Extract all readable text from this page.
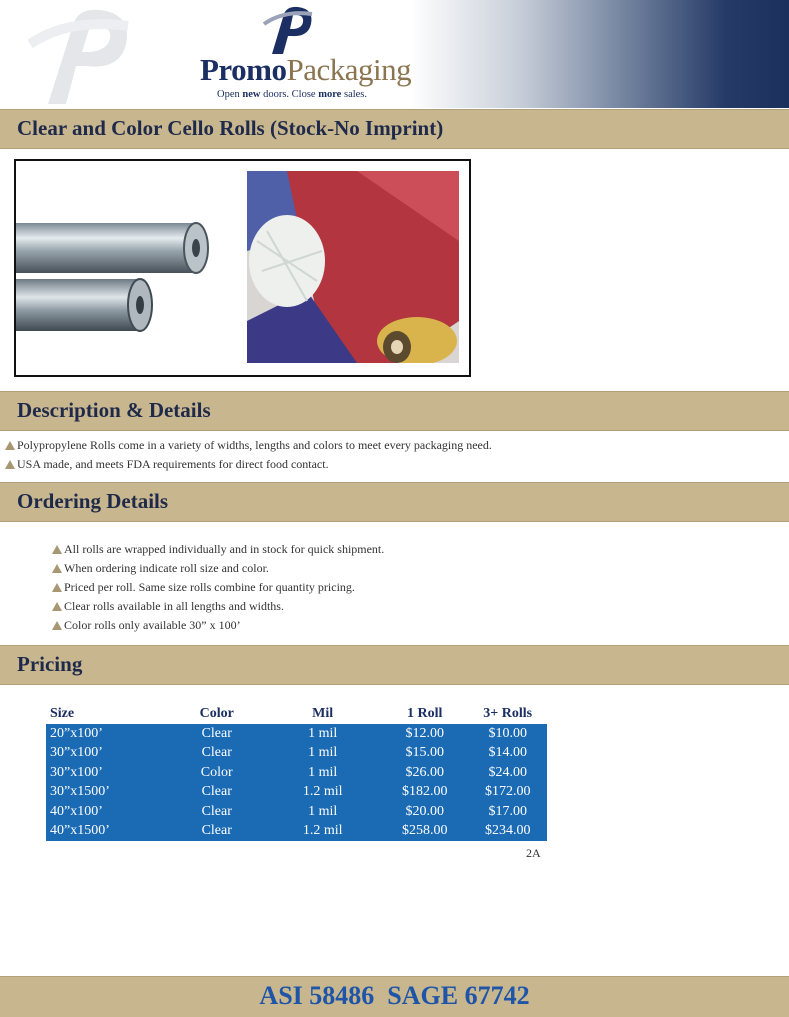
PromoPackaging
Open new doors. Close more sales.
Clear and Color Cello Rolls (Stock-No Imprint)
Description & Details
Polypropylene Rolls come in a variety of widths, lengths and colors to meet every packaging need.
USA made, and meets FDA requirements for direct food contact.
Ordering Details
All rolls are wrapped individually and in stock for quick shipment.
When ordering indicate roll size and color.
Priced per roll. Same size rolls combine for quantity pricing.
Clear rolls available in all lengths and widths.
Color rolls only available 30” x 100’
Pricing
Size	Color	Mil	1 Roll	3+ Rolls
20”x100’	Clear	1 mil	$12.00	$10.00
30”x100’	Clear	1 mil	$15.00	$14.00
30”x100’	Color	1 mil	$26.00	$24.00
30”x1500’	Clear	1.2 mil	$182.00	$172.00
40”x100’	Clear	1 mil	$20.00	$17.00
40”x1500’	Clear	1.2 mil	$258.00	$234.00
2A
ASI 58486  SAGE 67742
